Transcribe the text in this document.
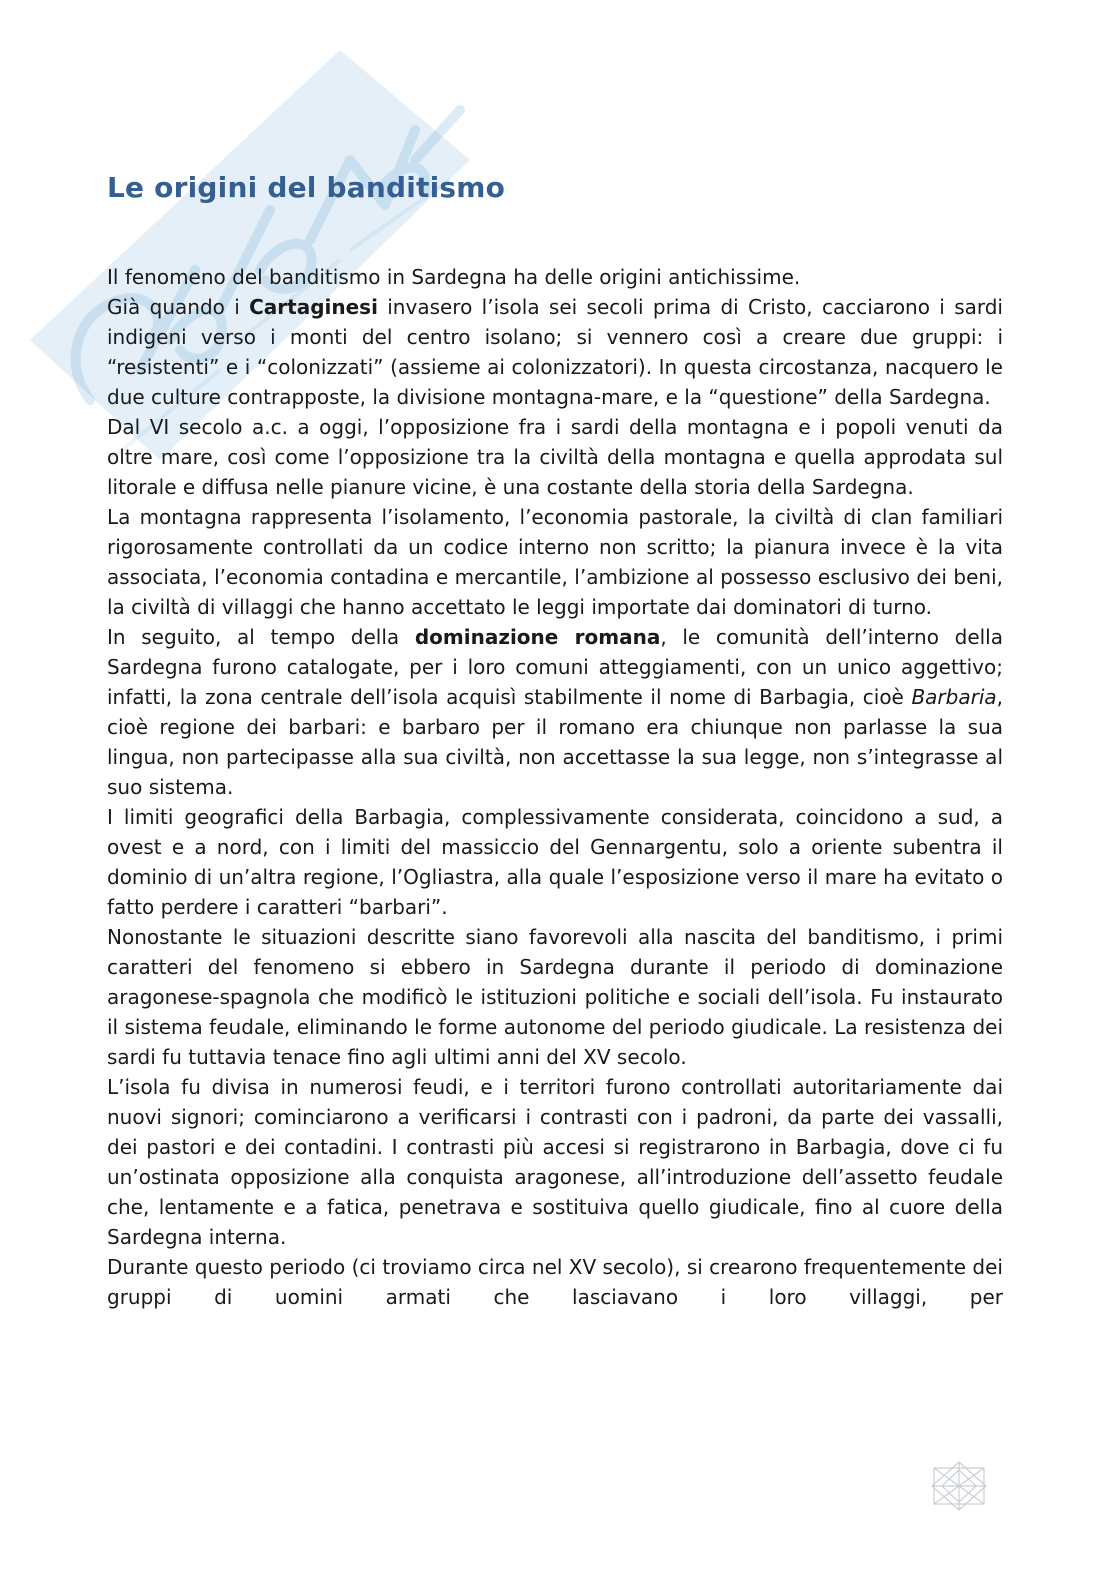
Le origini del banditismo

Il fenomeno del banditismo in Sardegna ha delle origini antichissime.

Già quando i Cartaginesi invasero l’isola sei secoli prima di Cristo, cacciarono i sardi indigeni verso i monti del centro isolano; si vennero così a creare due gruppi: i “resistenti” e i “colonizzati” (assieme ai colonizzatori). In questa circostanza, nacquero le due culture contrapposte, la divisione montagna-mare, e la “questione” della Sardegna.

Dal VI secolo a.c. a oggi, l’opposizione fra i sardi della montagna e i popoli venuti da oltre mare, così come l’opposizione tra la civiltà della montagna e quella approdata sul litorale e diffusa nelle pianure vicine, è una costante della storia della Sardegna.

La montagna rappresenta l’isolamento, l’economia pastorale, la civiltà di clan familiari rigorosamente controllati da un codice interno non scritto; la pianura invece è la vita associata, l’economia contadina e mercantile, l’ambizione al possesso esclusivo dei beni, la civiltà di villaggi che hanno accettato le leggi importate dai dominatori di turno.

In seguito, al tempo della dominazione romana, le comunità dell’interno della Sardegna furono catalogate, per i loro comuni atteggiamenti, con un unico aggettivo; infatti, la zona centrale dell’isola acquisì stabilmente il nome di Barbagia, cioè Barbaria, cioè regione dei barbari: e barbaro per il romano era chiunque non parlasse la sua lingua, non partecipasse alla sua civiltà, non accettasse la sua legge, non s’integrasse al suo sistema.

I limiti geografici della Barbagia, complessivamente considerata, coincidono a sud, a ovest e a nord, con i limiti del massiccio del Gennargentu, solo a oriente subentra il dominio di un’altra regione, l’Ogliastra, alla quale l’esposizione verso il mare ha evitato o fatto perdere i caratteri “barbari”.

Nonostante le situazioni descritte siano favorevoli alla nascita del banditismo, i primi caratteri del fenomeno si ebbero in Sardegna durante il periodo di dominazione aragonese-spagnola che modificò le istituzioni politiche e sociali dell’isola. Fu instaurato il sistema feudale, eliminando le forme autonome del periodo giudicale. La resistenza dei sardi fu tuttavia tenace fino agli ultimi anni del XV secolo.

L’isola fu divisa in numerosi feudi, e i territori furono controllati autoritariamente dai nuovi signori; cominciarono a verificarsi i contrasti con i padroni, da parte dei vassalli, dei pastori e dei contadini. I contrasti più accesi si registrarono in Barbagia, dove ci fu un’ostinata opposizione alla conquista aragonese, all’introduzione dell’assetto feudale che, lentamente e a fatica, penetrava e sostituiva quello giudicale, fino al cuore della Sardegna interna.

Durante questo periodo (ci troviamo circa nel XV secolo), si crearono frequentemente dei gruppi di uomini armati che lasciavano i loro villaggi, per
